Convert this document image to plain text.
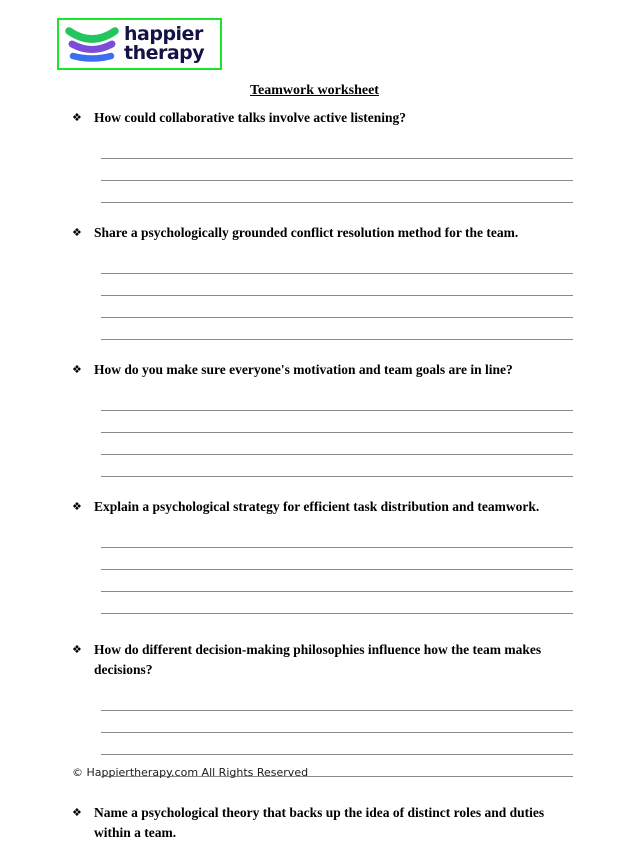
happier
therapy
Teamwork worksheet
❖ How could collaborative talks involve active listening?
❖ Share a psychologically grounded conflict resolution method for the team.
❖ How do you make sure everyone's motivation and team goals are in line?
❖ Explain a psychological strategy for efficient task distribution and teamwork.
❖ How do different decision-making philosophies influence how the team makes decisions?
❖ Name a psychological theory that backs up the idea of distinct roles and duties within a team.
© Happiertherapy.com All Rights Reserved
